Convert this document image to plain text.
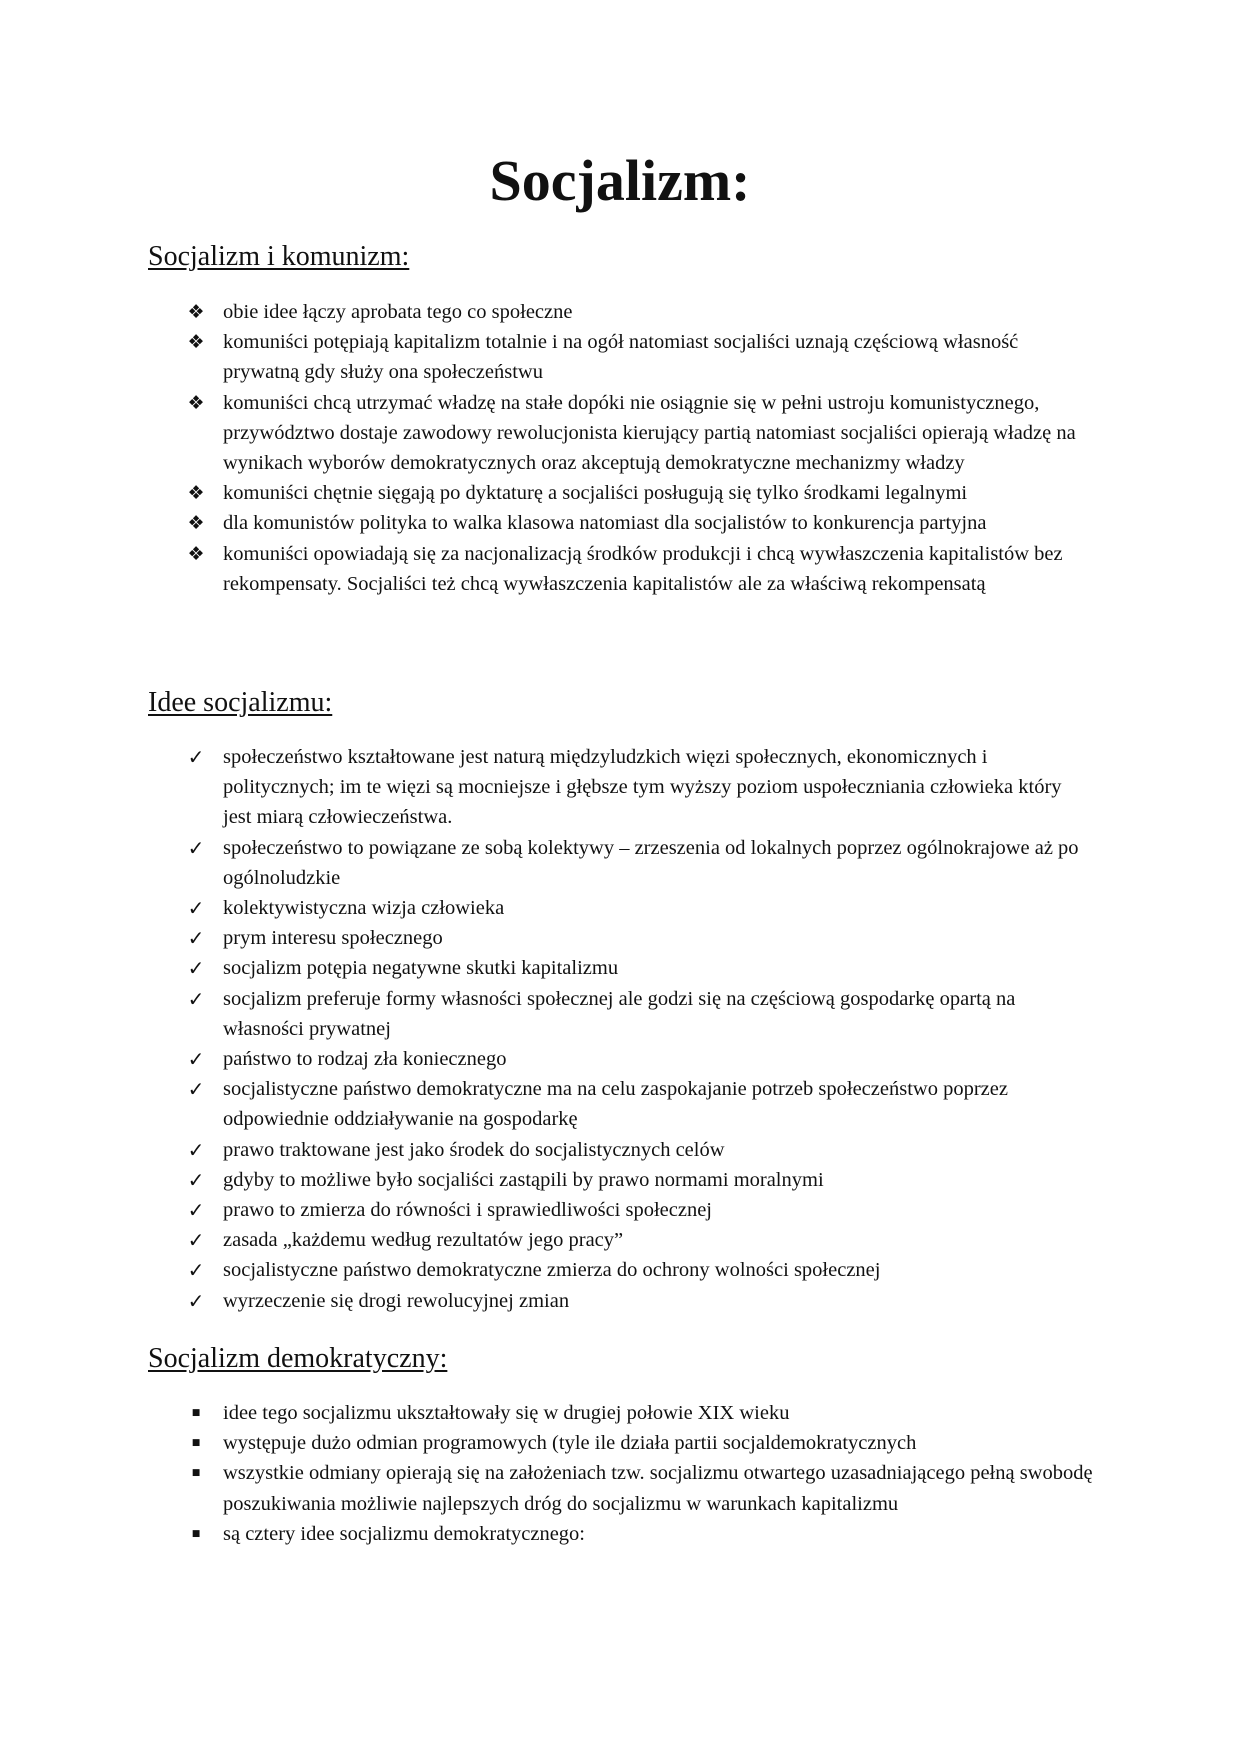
Socjalizm:
Socjalizm i komunizm:
❖ obie idee łączy aprobata tego co społeczne
❖ komuniści potępiają kapitalizm totalnie i na ogół natomiast socjaliści uznają częściową własność prywatną gdy służy ona społeczeństwu
❖ komuniści chcą utrzymać władzę na stałe dopóki nie osiągnie się w pełni ustroju komunistycznego, przywództwo dostaje zawodowy rewolucjonista kierujący partią natomiast socjaliści opierają władzę na wynikach wyborów demokratycznych oraz akceptują demokratyczne mechanizmy władzy
❖ komuniści chętnie sięgają po dyktaturę a socjaliści posługują się tylko środkami legalnymi
❖ dla komunistów polityka to walka klasowa natomiast dla socjalistów to konkurencja partyjna
❖ komuniści opowiadają się za nacjonalizacją środków produkcji i chcą wywłaszczenia kapitalistów bez rekompensaty. Socjaliści też chcą wywłaszczenia kapitalistów ale za właściwą rekompensatą
Idee socjalizmu:
✓ społeczeństwo kształtowane jest naturą międzyludzkich więzi społecznych, ekonomicznych i politycznych; im te więzi są mocniejsze i głębsze tym wyższy poziom uspołeczniania człowieka który jest miarą człowieczeństwa.
✓ społeczeństwo to powiązane ze sobą kolektywy – zrzeszenia od lokalnych poprzez ogólnokrajowe aż po ogólnoludzkie
✓ kolektywistyczna wizja człowieka
✓ prym interesu społecznego
✓ socjalizm potępia negatywne skutki kapitalizmu
✓ socjalizm preferuje formy własności społecznej ale godzi się na częściową gospodarkę opartą na własności prywatnej
✓ państwo to rodzaj zła koniecznego
✓ socjalistyczne państwo demokratyczne ma na celu zaspokajanie potrzeb społeczeństwo poprzez odpowiednie oddziaływanie na gospodarkę
✓ prawo traktowane jest jako środek do socjalistycznych celów
✓ gdyby to możliwe było socjaliści zastąpili by prawo normami moralnymi
✓ prawo to zmierza do równości i sprawiedliwości społecznej
✓ zasada „każdemu według rezultatów jego pracy”
✓ socjalistyczne państwo demokratyczne zmierza do ochrony wolności społecznej
✓ wyrzeczenie się drogi rewolucyjnej zmian
Socjalizm demokratyczny:
■	idee tego socjalizmu ukształtowały się w drugiej połowie XIX wieku
■	występuje dużo odmian programowych (tyle ile działa partii socjaldemokratycznych
■	wszystkie odmiany opierają się na założeniach tzw. socjalizmu otwartego uzasadniającego pełną swobodę poszukiwania możliwie najlepszych dróg do socjalizmu w warunkach kapitalizmu
■	są cztery idee socjalizmu demokratycznego:
